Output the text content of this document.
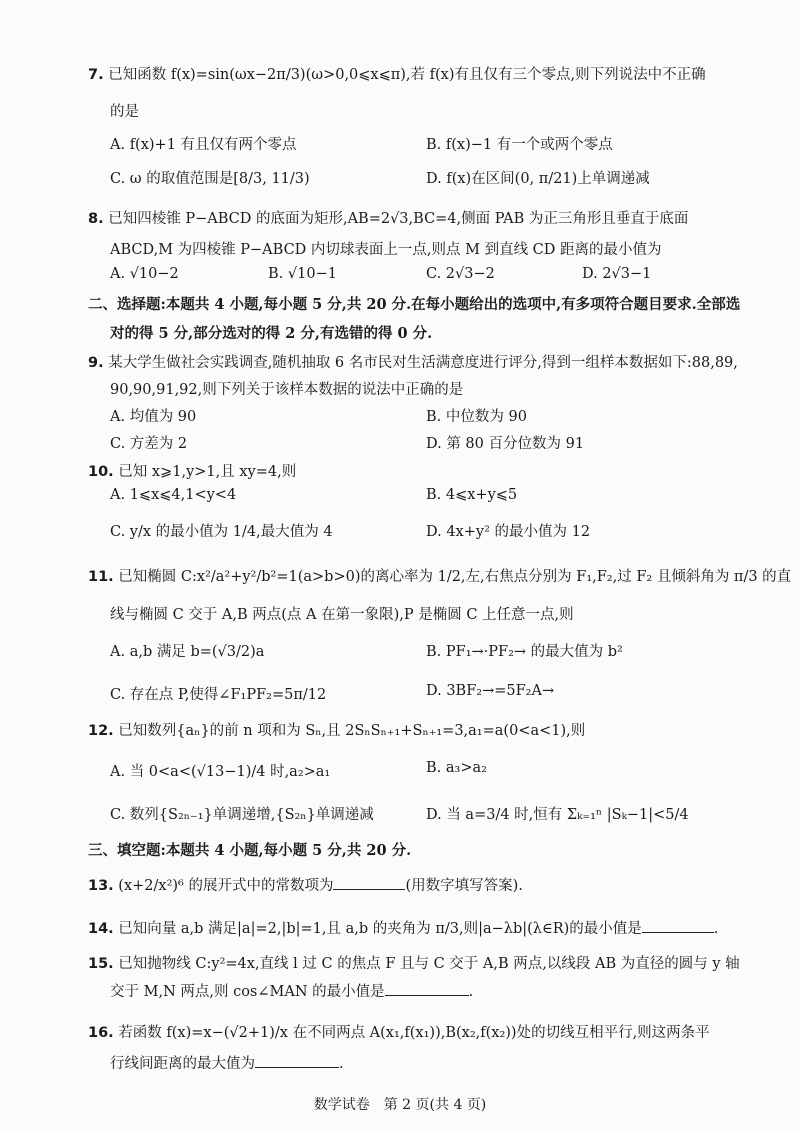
7. 已知函数 f(x)=sin(ωx−2π/3)(ω>0,0⩽x⩽π),若 f(x)有且仅有三个零点,则下列说法中不正确
的是
A. f(x)+1 有且仅有两个零点	B. f(x)−1 有一个或两个零点
C. ω 的取值范围是[8/3, 11/3)	D. f(x)在区间(0, π/21)上单调递减
8. 已知四棱锥 P−ABCD 的底面为矩形,AB=2√3,BC=4,侧面 PAB 为正三角形且垂直于底面
ABCD,M 为四棱锥 P−ABCD 内切球表面上一点,则点 M 到直线 CD 距离的最小值为
A. √10−2	B. √10−1	C. 2√3−2	D. 2√3−1
二、选择题:本题共 4 小题,每小题 5 分,共 20 分.在每小题给出的选项中,有多项符合题目要求.全部选
对的得 5 分,部分选对的得 2 分,有选错的得 0 分.
9. 某大学生做社会实践调查,随机抽取 6 名市民对生活满意度进行评分,得到一组样本数据如下:88,89,
90,90,91,92,则下列关于该样本数据的说法中正确的是
A. 均值为 90	B. 中位数为 90
C. 方差为 2	D. 第 80 百分位数为 91
10. 已知 x⩾1,y>1,且 xy=4,则
A. 1⩽x⩽4,1<y<4	B. 4⩽x+y⩽5
C. y/x 的最小值为 1/4,最大值为 4	D. 4x+y² 的最小值为 12
11. 已知椭圆 C:x²/a²+y²/b²=1(a>b>0)的离心率为 1/2,左,右焦点分别为 F₁,F₂,过 F₂ 且倾斜角为 π/3 的直
线与椭圆 C 交于 A,B 两点(点 A 在第一象限),P 是椭圆 C 上任意一点,则
A. a,b 满足 b=(√3/2)a	B. PF₁→·PF₂→ 的最大值为 b²
C. 存在点 P,使得∠F₁PF₂=5π/12	D. 3BF₂→=5F₂A→
12. 已知数列{aₙ}的前 n 项和为 Sₙ,且 2SₙSₙ₊₁+Sₙ₊₁=3,a₁=a(0<a<1),则
A. 当 0<a<(√13−1)/4 时,a₂>a₁	B. a₃>a₂
C. 数列{S₂ₙ₋₁}单调递增,{S₂ₙ}单调递减	D. 当 a=3/4 时,恒有 Σₖ₌₁ⁿ |Sₖ−1|<5/4
三、填空题:本题共 4 小题,每小题 5 分,共 20 分.
13. (x+2/x²)⁶ 的展开式中的常数项为	(用数字填写答案).
14. 已知向量 a,b 满足|a|=2,|b|=1,且 a,b 的夹角为 π/3,则|a−λb|(λ∈R)的最小值是	.
15. 已知抛物线 C:y²=4x,直线 l 过 C 的焦点 F 且与 C 交于 A,B 两点,以线段 AB 为直径的圆与 y 轴
交于 M,N 两点,则 cos∠MAN 的最小值是	.
16. 若函数 f(x)=x−(√2+1)/x 在不同两点 A(x₁,f(x₁)),B(x₂,f(x₂))处的切线互相平行,则这两条平
行线间距离的最大值为	.
数学试卷　第 2 页(共 4 页)
